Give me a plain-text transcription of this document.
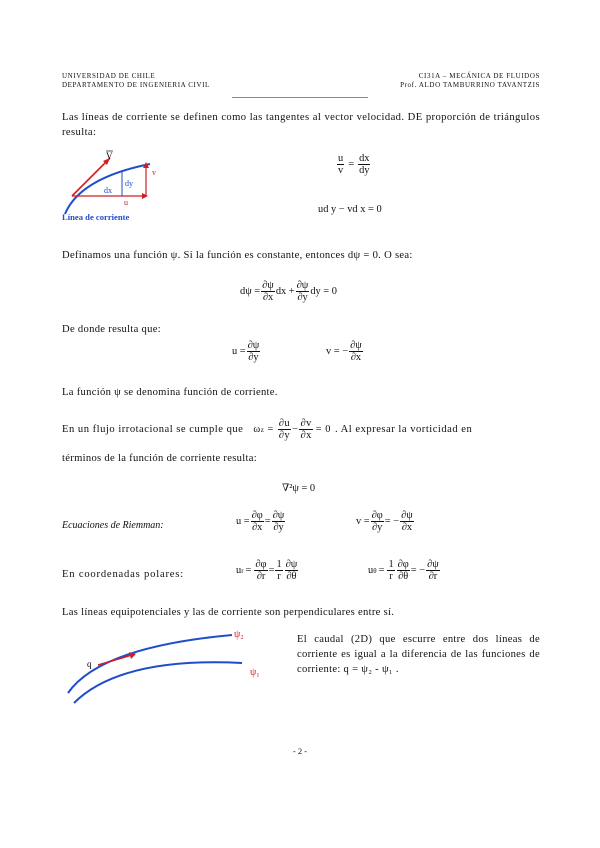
UNIVERSIDAD DE CHILE
DEPARTAMENTO DE INGENIERIA CIVIL
CI31A – MECÁNICA DE FLUIDOS
Prof. ALDO TAMBURRINO TAVANTZIS
Las líneas de corriente se definen como las tangentes al vector velocidad. DE proporción de triángulos resulta:
V
v
u
dx
dy
Línea de corriente
$\frac{u}{v} = \frac{dx}{dy}$
ud y − vd x = 0
Definamos una función ψ. Si la función es constante, entonces dψ = 0. O sea:
$d\psi = \frac{\partial\psi}{\partial x}$ dx + $\frac{\partial\psi}{\partial y}$ dy = 0
De donde resulta que:
$u = \frac{\partial\psi}{\partial y}$	v = − $\frac{\partial\psi}{\partial x}$
La función ψ se denomina función de corriente.
En un flujo irrotacional se cumple que ω $z = \frac{\partial u}{\partial y} - \frac{\partial v}{\partial x} = 0$ . Al expresar la vorticidad en
términos de la función de corriente resulta:
∇²ψ = 0
Ecuaciones de Riemman:	$u = \frac{\partial\varphi}{\partial x} = \frac{\partial\psi}{\partial y}$	$v = \frac{\partial\varphi}{\partial y}$ = − $\frac{\partial\psi}{\partial x}$
En coordenadas polares:	u $r = \frac{\partial\varphi}{\partial r} = \frac{1}{r} \frac{\partial\psi}{\partial\theta}$	u $\theta = \frac{1}{r} \frac{\partial\varphi}{\partial\theta}$ = − $\frac{\partial\psi}{\partial r}$
Las líneas equipotenciales y las de corriente son perpendiculares entre sí.
q
ψ₂
ψ₁
El caudal (2D) que escurre entre dos líneas de corriente es igual a la diferencia de las funciones de corriente: q = ψ₂ - ψ₁ .
- 2 -
